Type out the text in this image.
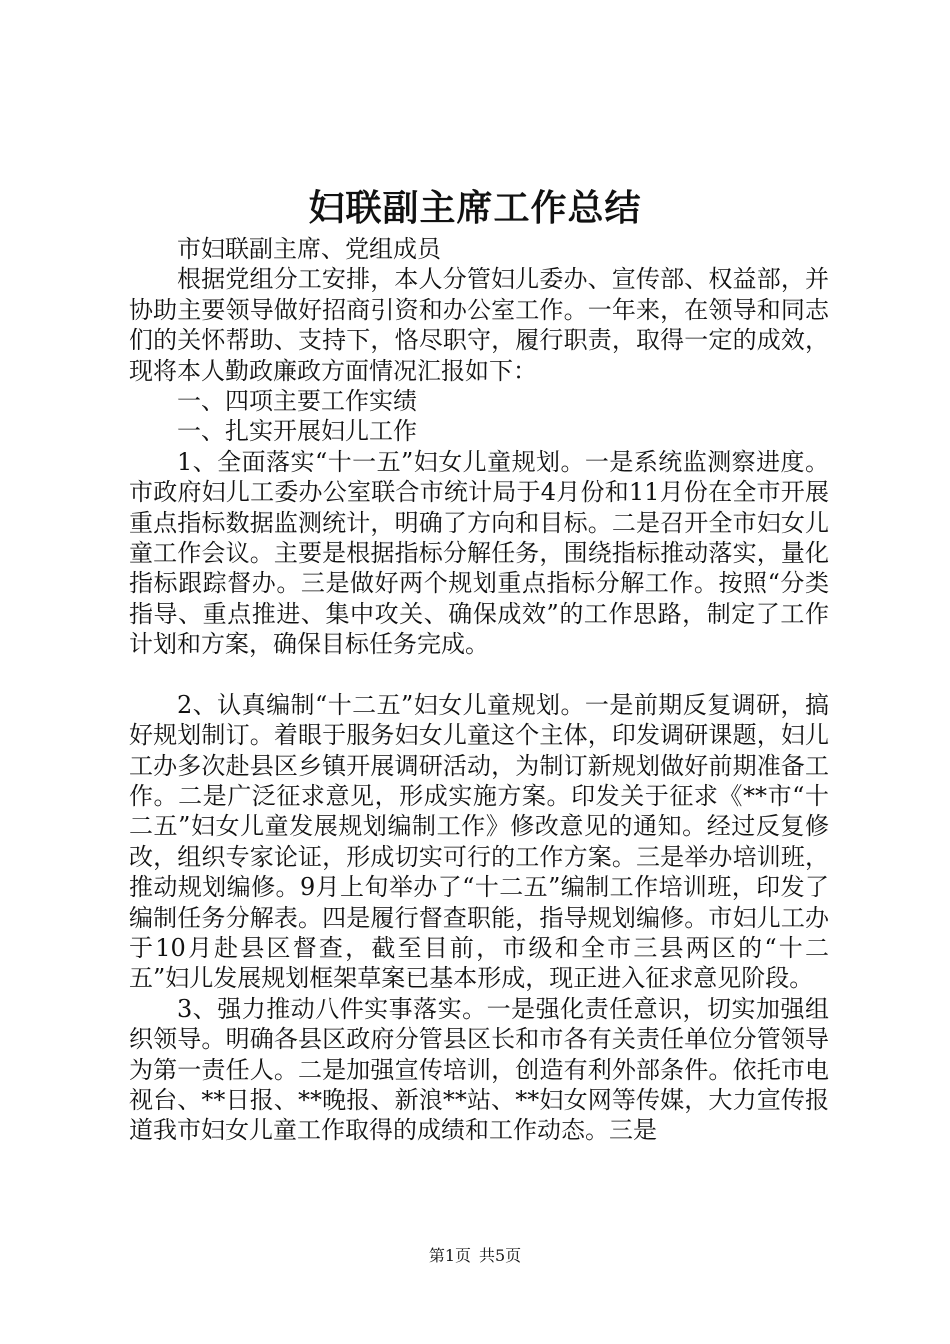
妇联副主席工作总结

市妇联副主席、党组成员

根据党组分工安排，本人分管妇儿委办、宣传部、权益部，并协助主要领导做好招商引资和办公室工作。一年来，在领导和同志们的关怀帮助、支持下，恪尽职守，履行职责，取得一定的成效，现将本人勤政廉政方面情况汇报如下：

一、四项主要工作实绩

一、扎实开展妇儿工作

1、全面落实“十一五”妇女儿童规划。一是系统监测察进度。市政府妇儿工委办公室联合市统计局于4月份和11月份在全市开展重点指标数据监测统计，明确了方向和目标。二是召开全市妇女儿童工作会议。主要是根据指标分解任务，围绕指标推动落实，量化指标跟踪督办。三是做好两个规划重点指标分解工作。按照“分类指导、重点推进、集中攻关、确保成效”的工作思路，制定了工作计划和方案，确保目标任务完成。

2、认真编制“十二五”妇女儿童规划。一是前期反复调研，搞好规划制订。着眼于服务妇女儿童这个主体，印发调研课题，妇儿工办多次赴县区乡镇开展调研活动，为制订新规划做好前期准备工作。二是广泛征求意见，形成实施方案。印发关于征求《**市“十二五”妇女儿童发展规划编制工作》修改意见的通知。经过反复修改，组织专家论证，形成切实可行的工作方案。三是举办培训班，推动规划编修。9月上旬举办了“十二五”编制工作培训班，印发了编制任务分解表。四是履行督查职能，指导规划编修。市妇儿工办于10月赴县区督查，截至目前，市级和全市三县两区的“十二五”妇儿发展规划框架草案已基本形成，现正进入征求意见阶段。

3、强力推动八件实事落实。一是强化责任意识，切实加强组织领导。明确各县区政府分管县区长和市各有关责任单位分管领导为第一责任人。二是加强宣传培训，创造有利外部条件。依托市电视台、**日报、**晚报、新浪**站、**妇女网等传媒，大力宣传报道我市妇女儿童工作取得的成绩和工作动态。三是

第1页 共5页
